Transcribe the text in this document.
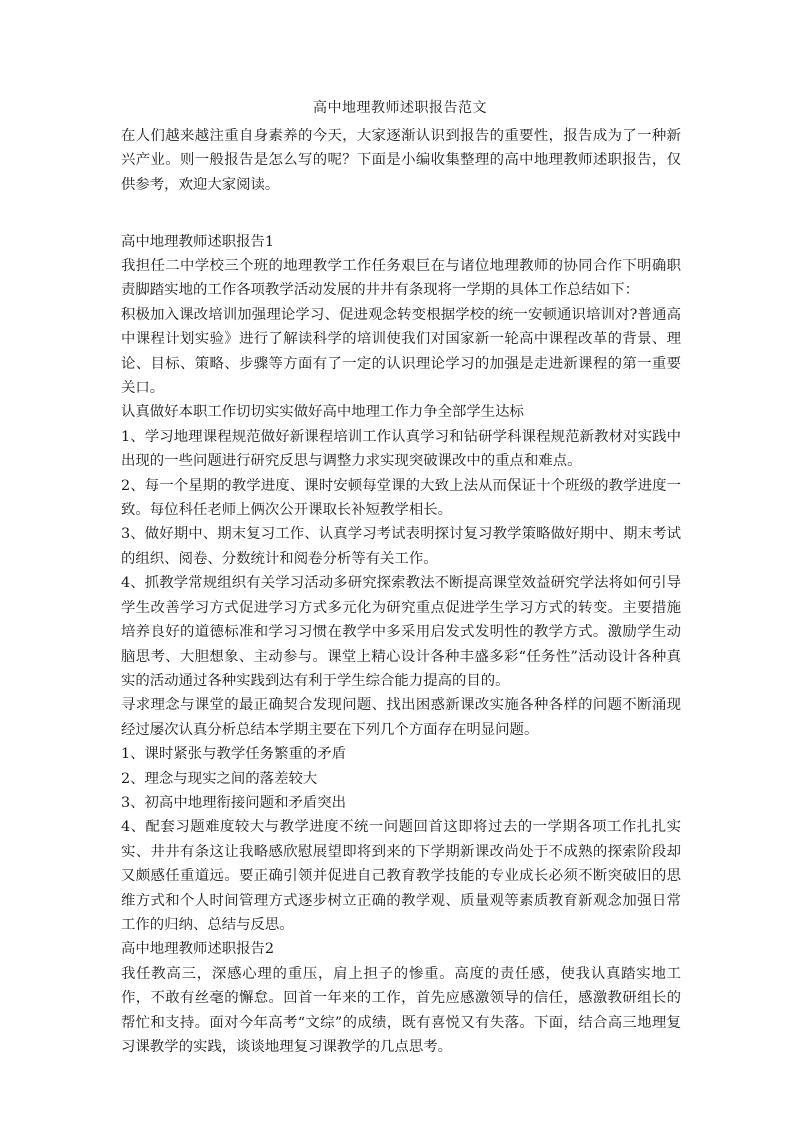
高中地理教师述职报告范文

在人们越来越注重自身素养的今天，大家逐渐认识到报告的重要性，报告成为了一种新兴产业。则一般报告是怎么写的呢？下面是小编收集整理的高中地理教师述职报告，仅供参考，欢迎大家阅读。

高中地理教师述职报告1

我担任二中学校三个班的地理教学工作任务艰巨在与诸位地理教师的协同合作下明确职责脚踏实地的工作各项教学活动发展的井井有条现将一学期的具体工作总结如下：

积极加入课改培训加强理论学习、促进观念转变根据学校的统一安顿通识培训对?普通高中课程计划实验》进行了解读科学的培训使我们对国家新一轮高中课程改革的背景、理论、目标、策略、步骤等方面有了一定的认识理论学习的加强是走进新课程的第一重要关口。

认真做好本职工作切切实实做好高中地理工作力争全部学生达标

1、学习地理课程规范做好新课程培训工作认真学习和钻研学科课程规范新教材对实践中出现的一些问题进行研究反思与调整力求实现突破课改中的重点和难点。

2、每一个星期的教学进度、课时安顿每堂课的大致上法从而保证十个班级的教学进度一致。每位科任老师上俩次公开课取长补短教学相长。

3、做好期中、期末复习工作、认真学习考试表明探讨复习教学策略做好期中、期末考试的组织、阅卷、分数统计和阅卷分析等有关工作。

4、抓教学常规组织有关学习活动多研究探索教法不断提高课堂效益研究学法将如何引导学生改善学习方式促进学习方式多元化为研究重点促进学生学习方式的转变。主要措施培养良好的道德标准和学习习惯在教学中多采用启发式发明性的教学方式。激励学生动脑思考、大胆想象、主动参与。课堂上精心设计各种丰盛多彩“任务性”活动设计各种真实的活动通过各种实践到达有利于学生综合能力提高的目的。

寻求理念与课堂的最正确契合发现问题、找出困惑新课改实施各种各样的问题不断涌现经过屡次认真分析总结本学期主要在下列几个方面存在明显问题。

1、课时紧张与教学任务繁重的矛盾

2、理念与现实之间的落差较大

3、初高中地理衔接问题和矛盾突出

4、配套习题难度较大与教学进度不统一问题回首这即将过去的一学期各项工作扎扎实实、井井有条这让我略感欣慰展望即将到来的下学期新课改尚处于不成熟的探索阶段却又颇感任重道远。要正确引领并促进自己教育教学技能的专业成长必须不断突破旧的思维方式和个人时间管理方式逐步树立正确的教学观、质量观等素质教育新观念加强日常工作的归纳、总结与反思。

高中地理教师述职报告2

我任教高三，深感心理的重压，肩上担子的惨重。高度的责任感，使我认真踏实地工作，不敢有丝毫的懈怠。回首一年来的工作，首先应感激领导的信任，感激教研组长的帮忙和支持。面对今年高考“文综”的成绩，既有喜悦又有失落。下面，结合高三地理复习课教学的实践，谈谈地理复习课教学的几点思考。
